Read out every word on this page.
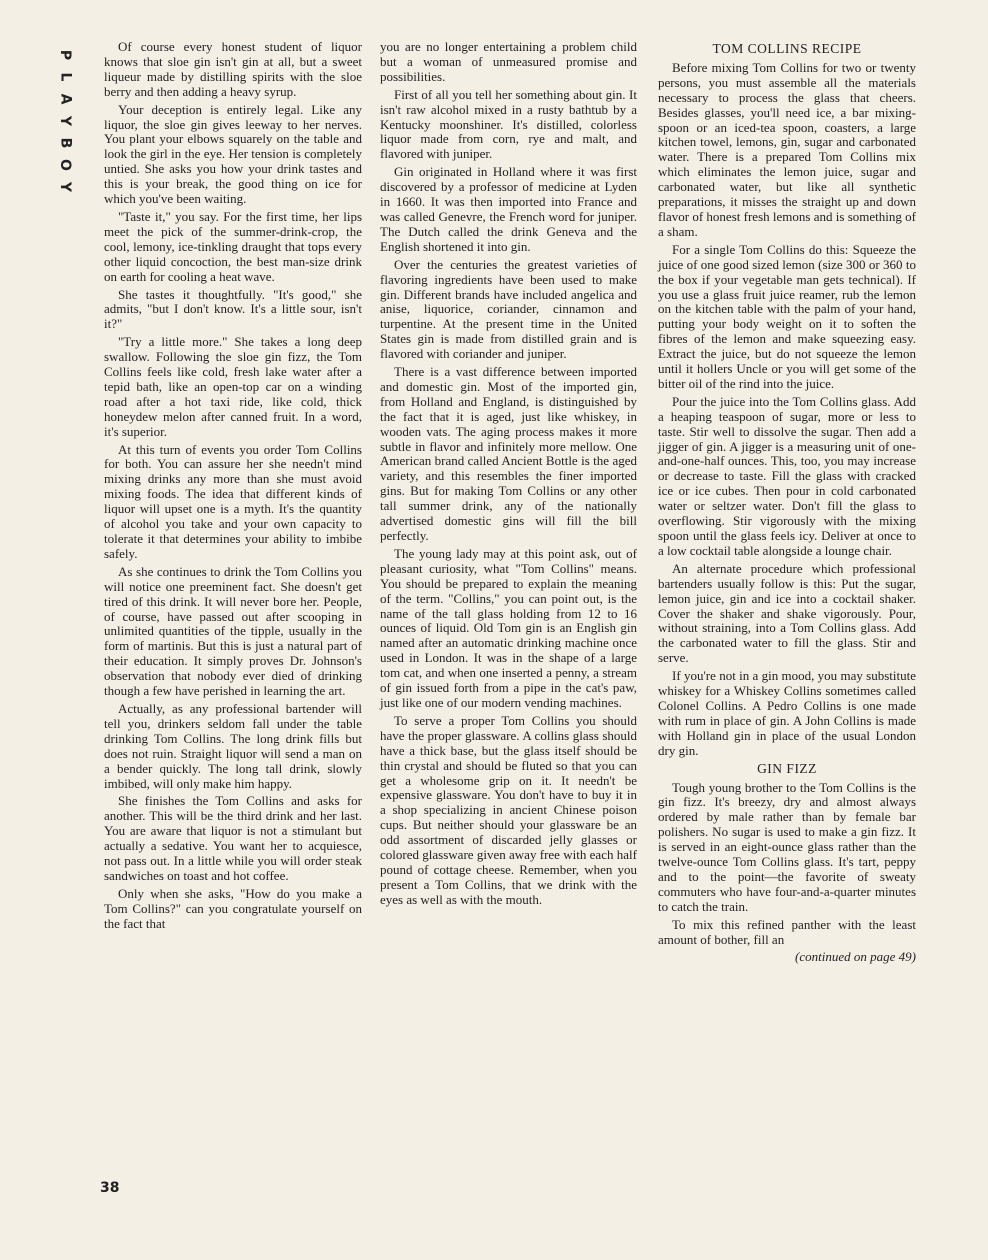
P
L
A
Y
B
O
Y

Of course every honest student of liquor knows that sloe gin isn't gin at all, but a sweet liqueur made by distilling spirits with the sloe berry and then adding a heavy syrup.

Your deception is entirely legal. Like any liquor, the sloe gin gives leeway to her nerves. You plant your elbows squarely on the table and look the girl in the eye. Her tension is completely untied. She asks you how your drink tastes and this is your break, the good thing on ice for which you've been waiting.

"Taste it," you say. For the first time, her lips meet the pick of the summer-drink-crop, the cool, lemony, ice-tinkling draught that tops every other liquid concoction, the best man-size drink on earth for cooling a heat wave.

She tastes it thoughtfully. "It's good," she admits, "but I don't know. It's a little sour, isn't it?"

"Try a little more." She takes a long deep swallow. Following the sloe gin fizz, the Tom Collins feels like cold, fresh lake water after a tepid bath, like an open-top car on a winding road after a hot taxi ride, like cold, thick honeydew melon after canned fruit. In a word, it's superior.

At this turn of events you order Tom Collins for both. You can assure her she needn't mind mixing drinks any more than she must avoid mixing foods. The idea that different kinds of liquor will upset one is a myth. It's the quantity of alcohol you take and your own capacity to tolerate it that determines your ability to imbibe safely.

As she continues to drink the Tom Collins you will notice one preeminent fact. She doesn't get tired of this drink. It will never bore her. People, of course, have passed out after scooping in unlimited quantities of the tipple, usually in the form of martinis. But this is just a natural part of their education. It simply proves Dr. Johnson's observation that nobody ever died of drinking though a few have perished in learning the art.

Actually, as any professional bartender will tell you, drinkers seldom fall under the table drinking Tom Collins. The long drink fills but does not ruin. Straight liquor will send a man on a bender quickly. The long tall drink, slowly imbibed, will only make him happy.

She finishes the Tom Collins and asks for another. This will be the third drink and her last. You are aware that liquor is not a stimulant but actually a sedative. You want her to acquiesce, not pass out. In a little while you will order steak sandwiches on toast and hot coffee.

Only when she asks, "How do you make a Tom Collins?" can you congratulate yourself on the fact that

you are no longer entertaining a problem child but a woman of unmeasured promise and possibilities.

First of all you tell her something about gin. It isn't raw alcohol mixed in a rusty bathtub by a Kentucky moonshiner. It's distilled, colorless liquor made from corn, rye and malt, and flavored with juniper.

Gin originated in Holland where it was first discovered by a professor of medicine at Lyden in 1660. It was then imported into France and was called Genevre, the French word for juniper. The Dutch called the drink Geneva and the English shortened it into gin.

Over the centuries the greatest varieties of flavoring ingredients have been used to make gin. Different brands have included angelica and anise, liquorice, coriander, cinnamon and turpentine. At the present time in the United States gin is made from distilled grain and is flavored with coriander and juniper.

There is a vast difference between imported and domestic gin. Most of the imported gin, from Holland and England, is distinguished by the fact that it is aged, just like whiskey, in wooden vats. The aging process makes it more subtle in flavor and infinitely more mellow. One American brand called Ancient Bottle is the aged variety, and this resembles the finer imported gins. But for making Tom Collins or any other tall summer drink, any of the nationally advertised domestic gins will fill the bill perfectly.

The young lady may at this point ask, out of pleasant curiosity, what "Tom Collins" means. You should be prepared to explain the meaning of the term. "Collins," you can point out, is the name of the tall glass holding from 12 to 16 ounces of liquid. Old Tom gin is an English gin named after an automatic drinking machine once used in London. It was in the shape of a large tom cat, and when one inserted a penny, a stream of gin issued forth from a pipe in the cat's paw, just like one of our modern vending machines.

To serve a proper Tom Collins you should have the proper glassware. A collins glass should have a thick base, but the glass itself should be thin crystal and should be fluted so that you can get a wholesome grip on it. It needn't be expensive glassware. You don't have to buy it in a shop specializing in ancient Chinese poison cups. But neither should your glassware be an odd assortment of discarded jelly glasses or colored glassware given away free with each half pound of cottage cheese. Remember, when you present a Tom Collins, that we drink with the eyes as well as with the mouth.

TOM COLLINS RECIPE

Before mixing Tom Collins for two or twenty persons, you must assemble all the materials necessary to process the glass that cheers. Besides glasses, you'll need ice, a bar mixing-spoon or an iced-tea spoon, coasters, a large kitchen towel, lemons, gin, sugar and carbonated water. There is a prepared Tom Collins mix which eliminates the lemon juice, sugar and carbonated water, but like all synthetic preparations, it misses the straight up and down flavor of honest fresh lemons and is something of a sham.

For a single Tom Collins do this: Squeeze the juice of one good sized lemon (size 300 or 360 to the box if your vegetable man gets technical). If you use a glass fruit juice reamer, rub the lemon on the kitchen table with the palm of your hand, putting your body weight on it to soften the fibres of the lemon and make squeezing easy. Extract the juice, but do not squeeze the lemon until it hollers Uncle or you will get some of the bitter oil of the rind into the juice.

Pour the juice into the Tom Collins glass. Add a heaping teaspoon of sugar, more or less to taste. Stir well to dissolve the sugar. Then add a jigger of gin. A jigger is a measuring unit of one-and-one-half ounces. This, too, you may increase or decrease to taste. Fill the glass with cracked ice or ice cubes. Then pour in cold carbonated water or seltzer water. Don't fill the glass to overflowing. Stir vigorously with the mixing spoon until the glass feels icy. Deliver at once to a low cocktail table alongside a lounge chair.

An alternate procedure which professional bartenders usually follow is this: Put the sugar, lemon juice, gin and ice into a cocktail shaker. Cover the shaker and shake vigorously. Pour, without straining, into a Tom Collins glass. Add the carbonated water to fill the glass. Stir and serve.

If you're not in a gin mood, you may substitute whiskey for a Whiskey Collins sometimes called Colonel Collins. A Pedro Collins is one made with rum in place of gin. A John Collins is made with Holland gin in place of the usual London dry gin.

GIN FIZZ

Tough young brother to the Tom Collins is the gin fizz. It's breezy, dry and almost always ordered by male rather than by female bar polishers. No sugar is used to make a gin fizz. It is served in an eight-ounce glass rather than the twelve-ounce Tom Collins glass. It's tart, peppy and to the point—the favorite of sweaty commuters who have four-and-a-quarter minutes to catch the train.

To mix this refined panther with the least amount of bother, fill an

(continued on page 49)

38
